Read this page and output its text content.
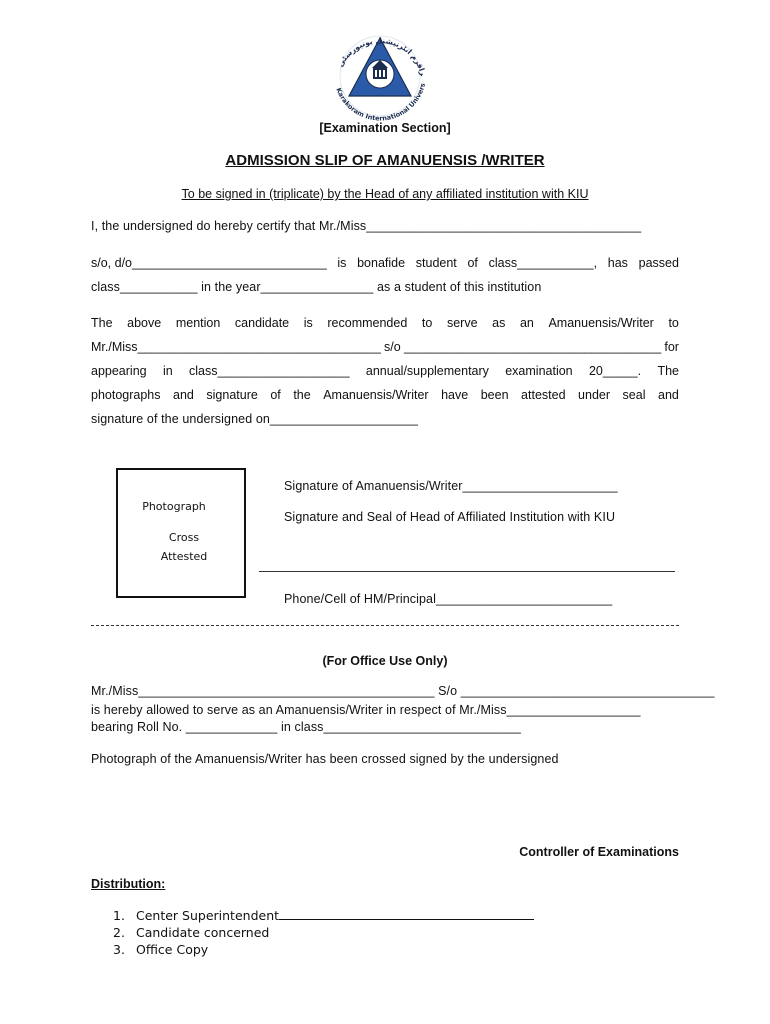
راقرم انٹرنیشنل یونیورسٹی
Karakoram International Univers
[Examination Section]
ADMISSION SLIP OF AMANUENSIS /WRITER
To be signed in (triplicate) by the Head of any affiliated institution with KIU
I, the undersigned do hereby certify that Mr./Miss_______________________________________
s/o, d/o____________________________ is bonafide student of class___________, has passed
class___________ in the year________________ as a student of this institution
The above mention candidate is recommended to serve as an Amanuensis/Writer to
Mr./Miss___________________________________ s/o _____________________________________ for
appearing in class___________________ annual/supplementary examination 20_____. The
photographs and signature of the Amanuensis/Writer have been attested under seal and
signature of the undersigned on_____________________
Photograph
Cross
Attested
Signature of Amanuensis/Writer______________________
Signature and Seal of Head of Affiliated Institution with KIU
Phone/Cell of HM/Principal_________________________
(For Office Use Only)
Mr./Miss__________________________________________ S/o ____________________________________
is hereby allowed to serve as an Amanuensis/Writer in respect of Mr./Miss___________________
bearing Roll No. _____________ in class____________________________
Photograph of the Amanuensis/Writer has been crossed signed by the undersigned
Controller of Examinations
Distribution:
1. Center Superintendent
2. Candidate concerned
3. Office Copy
